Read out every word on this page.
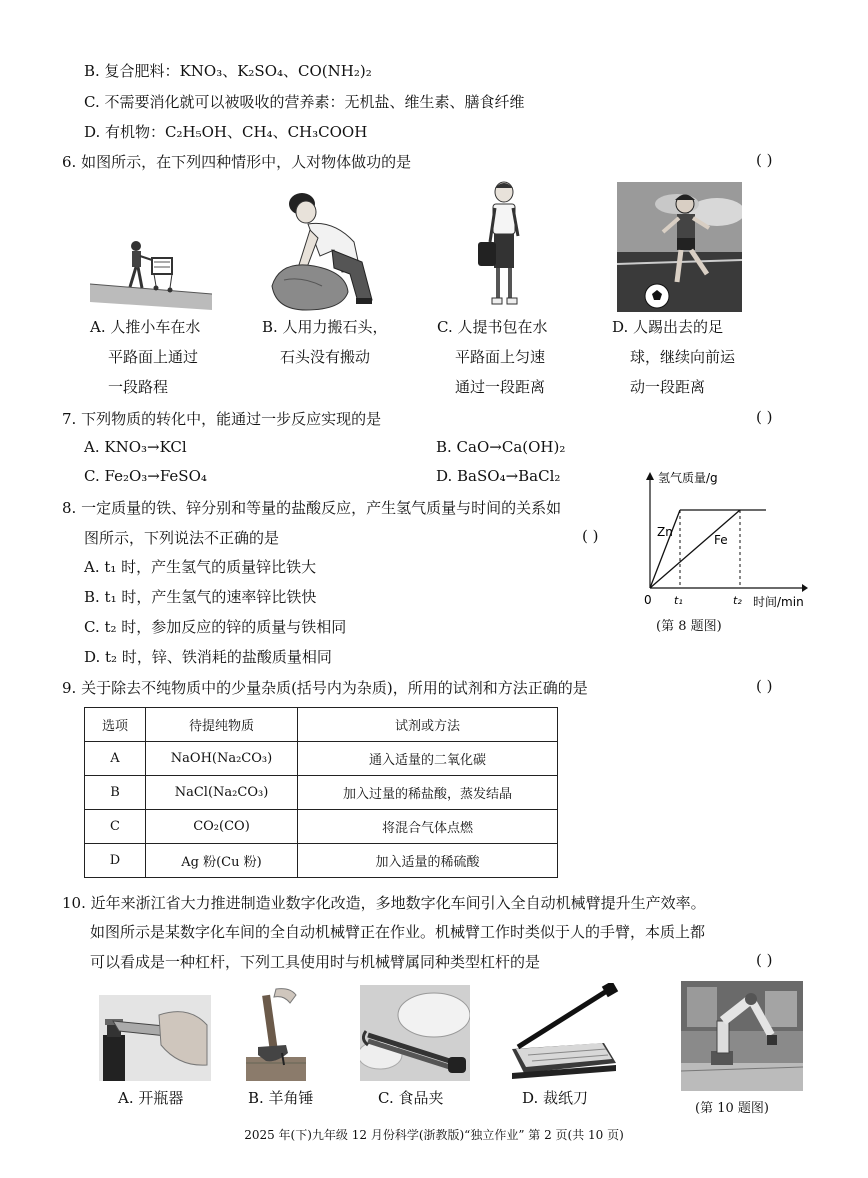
B. 复合肥料：KNO₃、K₂SO₄、CO(NH₂)₂
C. 不需要消化就可以被吸收的营养素：无机盐、维生素、膳食纤维
D. 有机物：C₂H₅OH、CH₄、CH₃COOH
6. 如图所示，在下列四种情形中，人对物体做功的是	( )
A. 人推小车在水
平路面上通过
一段路程
B. 人用力搬石头，
石头没有搬动
C. 人提书包在水
平路面上匀速
通过一段距离
D. 人踢出去的足
球，继续向前运
动一段距离
7. 下列物质的转化中，能通过一步反应实现的是	( )
A. KNO₃→KCl	B. CaO→Ca(OH)₂
C. Fe₂O₃→FeSO₄	D. BaSO₄→BaCl₂
8. 一定质量的铁、锌分别和等量的盐酸反应，产生氢气质量与时间的关系如
图所示，下列说法不正确的是	( )
A. t₁ 时，产生氢气的质量锌比铁大
B. t₁ 时，产生氢气的速率锌比铁快
C. t₂ 时，参加反应的锌的质量与铁相同
D. t₂ 时，锌、铁消耗的盐酸质量相同
氢气质量/g
时间/min
0
Zn
Fe
t₁	t₂
(第 8 题图)
9. 关于除去不纯物质中的少量杂质(括号内为杂质)，所用的试剂和方法正确的是	( )
选项	待提纯物质	试剂或方法
A	NaOH(Na₂CO₃)	通入适量的二氧化碳
B	NaCl(Na₂CO₃)	加入过量的稀盐酸，蒸发结晶
C	CO₂(CO)	将混合气体点燃
D	Ag 粉(Cu 粉)	加入适量的稀硫酸
10. 近年来浙江省大力推进制造业数字化改造，多地数字化车间引入全自动机械臂提升生产效率。
如图所示是某数字化车间的全自动机械臂正在作业。机械臂工作时类似于人的手臂，本质上都
可以看成是一种杠杆，下列工具使用时与机械臂属同种类型杠杆的是	( )
A. 开瓶器	B. 羊角锤	C. 食品夹	D. 裁纸刀
(第 10 题图)
2025 年(下)九年级 12 月份科学(浙教版)“独立作业” 第 2 页(共 10 页)
